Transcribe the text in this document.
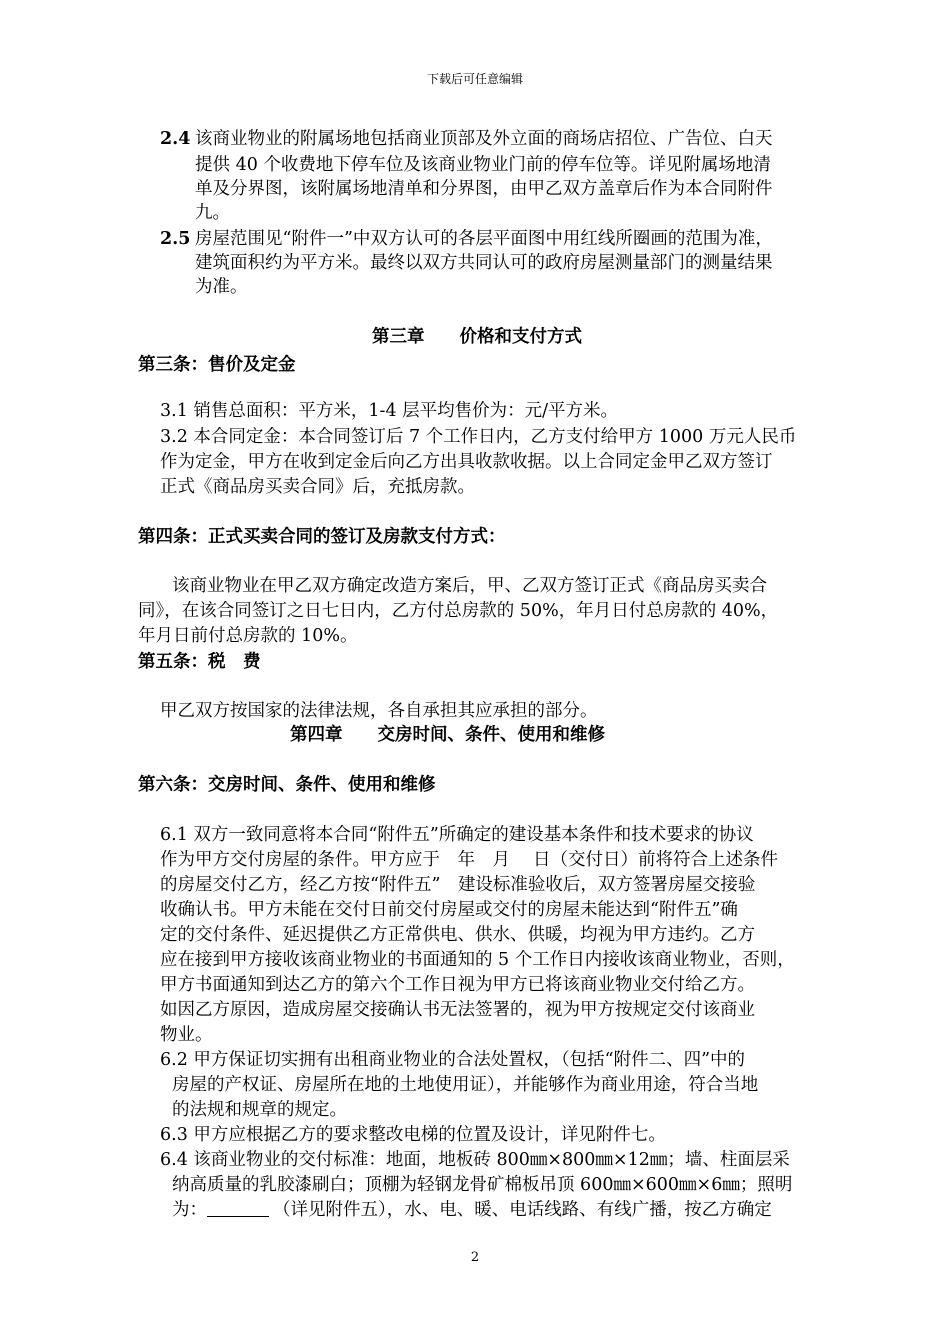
下载后可任意编辑
2.4 该商业物业的附属场地包括商业顶部及外立面的商场店招位、广告位、白天
提供 40 个收费地下停车位及该商业物业门前的停车位等。详见附属场地清
单及分界图，该附属场地清单和分界图，由甲乙双方盖章后作为本合同附件
九。
2.5 房屋范围见“附件一”中双方认可的各层平面图中用红线所圈画的范围为准，
建筑面积约为平方米。最终以双方共同认可的政府房屋测量部门的测量结果
为准。
第三章　　价格和支付方式
第三条：售价及定金
3.1 销售总面积：平方米，1-4 层平均售价为：元/平方米。
3.2 本合同定金：本合同签订后 7 个工作日内，乙方支付给甲方 1000 万元人民币
作为定金，甲方在收到定金后向乙方出具收款收据。以上合同定金甲乙双方签订
正式《商品房买卖合同》后，充抵房款。
第四条：正式买卖合同的签订及房款支付方式：
该商业物业在甲乙双方确定改造方案后，甲、乙双方签订正式《商品房买卖合
同》，在该合同签订之日七日内，乙方付总房款的 50%，年月日付总房款的 40%，
年月日前付总房款的 10%。
第五条：税　费
甲乙双方按国家的法律法规，各自承担其应承担的部分。
第四章　　交房时间、条件、使用和维修
第六条：交房时间、条件、使用和维修
6.1 双方一致同意将本合同“附件五”所确定的建设基本条件和技术要求的协议
作为甲方交付房屋的条件。甲方应于　年　月　 日（交付日）前将符合上述条件
的房屋交付乙方，经乙方按“附件五”　建设标准验收后，双方签署房屋交接验
收确认书。甲方未能在交付日前交付房屋或交付的房屋未能达到“附件五”确
定的交付条件、延迟提供乙方正常供电、供水、供暖，均视为甲方违约。乙方
应在接到甲方接收该商业物业的书面通知的 5 个工作日内接收该商业物业，否则，
甲方书面通知到达乙方的第六个工作日视为甲方已将该商业物业交付给乙方。
如因乙方原因，造成房屋交接确认书无法签署的，视为甲方按规定交付该商业
物业。
6.2 甲方保证切实拥有出租商业物业的合法处置权，（包括“附件二、四”中的
房屋的产权证、房屋所在地的土地使用证），并能够作为商业用途，符合当地
的法规和规章的规定。
6.3 甲方应根据乙方的要求整改电梯的位置及设计，详见附件七。
6.4 该商业物业的交付标准：地面，地板砖 800㎜×800㎜×12㎜；墙、柱面层采
纳高质量的乳胶漆刷白；顶棚为轻钢龙骨矿棉板吊顶 600㎜×600㎜×6㎜；照明
为：	（详见附件五），水、电、暖、电话线路、有线广播，按乙方确定
2
